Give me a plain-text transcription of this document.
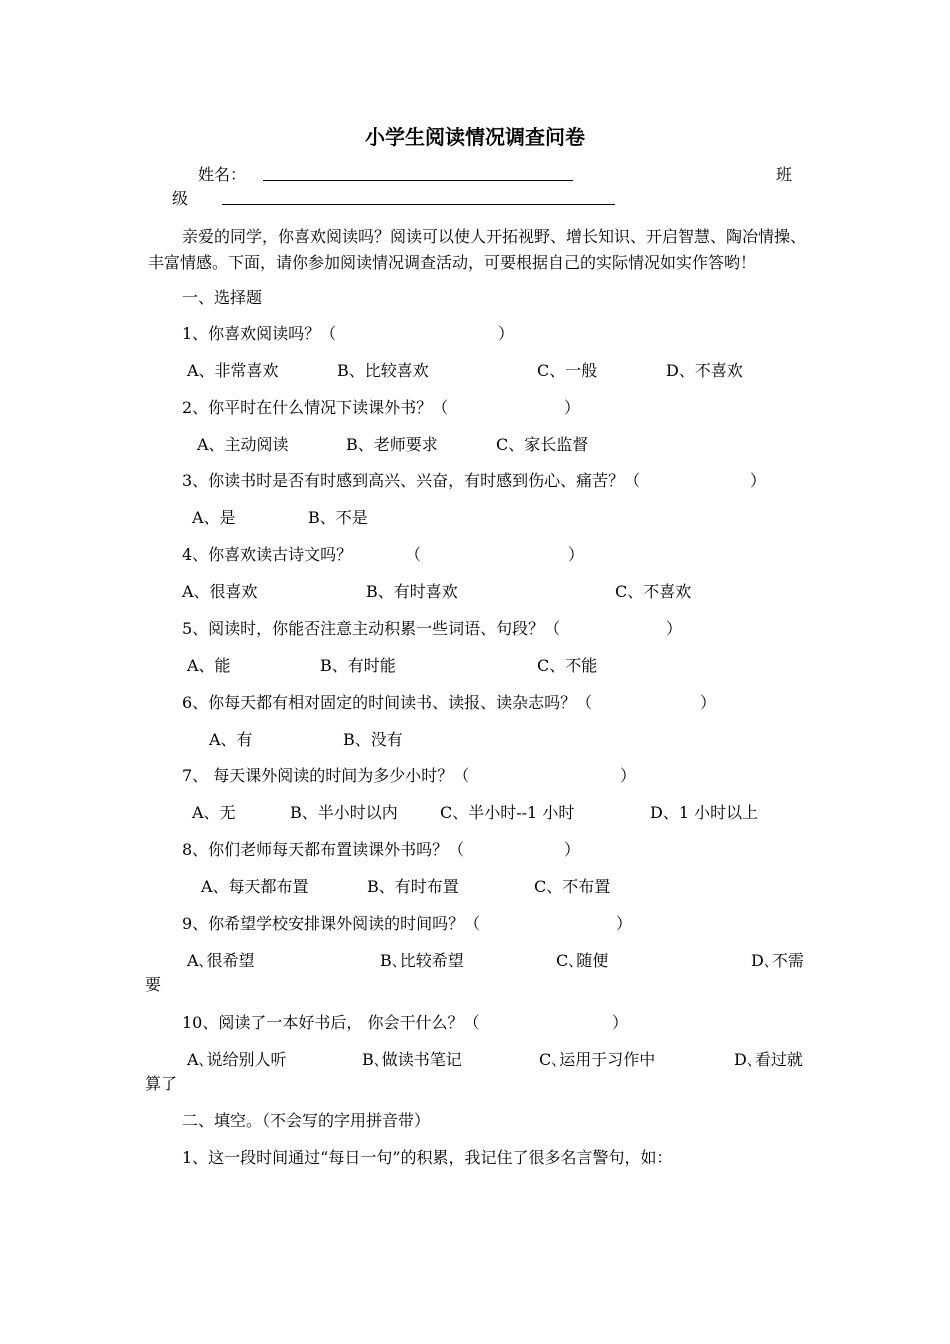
小学生阅读情况调查问卷
姓名：	班
级
亲爱的同学，你喜欢阅读吗？阅读可以使人开拓视野、增长知识、开启智慧、陶冶情操、丰富情感。下面，请你参加阅读情况调查活动，可要根据自己的实际情况如实作答哟！
一、选择题
1、你喜欢阅读吗？（	）
A、非常喜欢	B、比较喜欢	C、一般	D、不喜欢
2、你平时在什么情况下读课外书？（	）
A、主动阅读	B、老师要求	C、家长监督
3、你读书时是否有时感到高兴、兴奋，有时感到伤心、痛苦？（	）
A、是	B、不是
4、你喜欢读古诗文吗？	（	）
A、很喜欢	B、有时喜欢	C、不喜欢
5、阅读时，你能否注意主动积累一些词语、句段？（	）
A、能	B、有时能	C、不能
6、你每天都有相对固定的时间读书、读报、读杂志吗？（	）
A、有	B、没有
7、 每天课外阅读的时间为多少小时？（	）
A、无	B、半小时以内	C、半小时--1 小时	D、1 小时以上
8、你们老师每天都布置读课外书吗？（	）
A、每天都布置	B、有时布置	C、不布置
9、你希望学校安排课外阅读的时间吗？（	）
A､很希望	B､比较希望	C､随便	D､不需
要
10、阅读了一本好书后， 你会干什么？（	）
A､说给别人听	B､做读书笔记	C､运用于习作中	D､看过就
算了
二、填空。（不会写的字用拼音带）
1、这一段时间通过“每日一句”的积累，我记住了很多名言警句，如：
